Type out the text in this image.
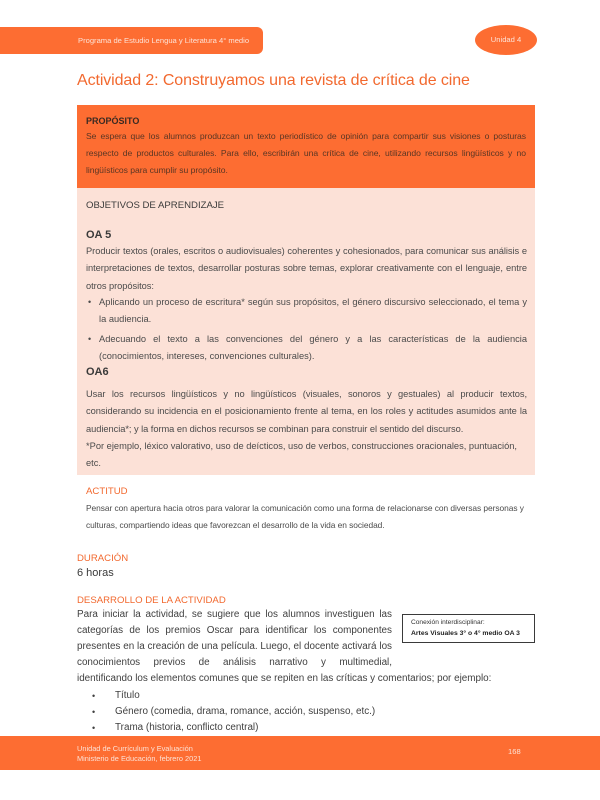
Programa de Estudio Lengua y Literatura 4° medio	Unidad 4
Actividad 2: Construyamos una revista de crítica de cine
PROPÓSITO
Se espera que los alumnos produzcan un texto periodístico de opinión para compartir sus visiones o posturas respecto de productos culturales. Para ello, escribirán una crítica de cine, utilizando recursos lingüísticos y no lingüísticos para cumplir su propósito.
OBJETIVOS DE APRENDIZAJE
OA 5
Producir textos (orales, escritos o audiovisuales) coherentes y cohesionados, para comunicar sus análisis e interpretaciones de textos, desarrollar posturas sobre temas, explorar creativamente con el lenguaje, entre otros propósitos:
• Aplicando un proceso de escritura* según sus propósitos, el género discursivo seleccionado, el tema y la audiencia.
• Adecuando el texto a las convenciones del género y a las características de la audiencia (conocimientos, intereses, convenciones culturales).
OA6
Usar los recursos lingüísticos y no lingüísticos (visuales, sonoros y gestuales) al producir textos, considerando su incidencia en el posicionamiento frente al tema, en los roles y actitudes asumidos ante la audiencia*; y la forma en dichos recursos se combinan para construir el sentido del discurso.
*Por ejemplo, léxico valorativo, uso de deícticos, uso de verbos, construcciones oracionales, puntuación, etc.
ACTITUD
Pensar con apertura hacia otros para valorar la comunicación como una forma de relacionarse con diversas personas y culturas, compartiendo ideas que favorezcan el desarrollo de la vida en sociedad.
DURACIÓN
6 horas
DESARROLLO DE LA ACTIVIDAD
Para iniciar la actividad, se sugiere que los alumnos investiguen las categorías de los premios Oscar para identificar los componentes presentes en la creación de una película. Luego, el docente activará los conocimientos previos de análisis narrativo y multimedial,
identificando los elementos comunes que se repiten en las críticas y comentarios; por ejemplo:
Conexión interdisciplinar:
Artes Visuales 3° o 4° medio OA 3
• Título
• Género (comedia, drama, romance, acción, suspenso, etc.)
• Trama (historia, conflicto central)
Unidad de Currículum y Evaluación
Ministerio de Educación, febrero 2021
168
